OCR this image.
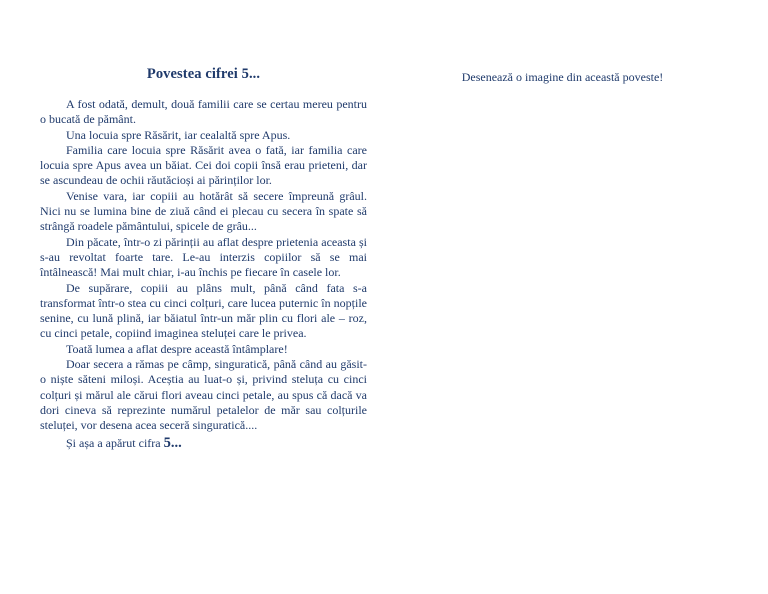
Povestea cifrei 5...

A fost odată, demult, două familii care se certau mereu pentru o bucată de pământ.

Una locuia spre Răsărit, iar cealaltă spre Apus.

Familia care locuia spre Răsărit avea o fată, iar familia care locuia spre Apus avea un băiat. Cei doi copii însă erau prieteni, dar se ascundeau de ochii răutăcioși ai părinților lor.

Venise vara, iar copiii au hotărât să secere împreună grâul. Nici nu se lumina bine de ziuă când ei plecau cu secera în spate să strângă roadele pământului, spicele de grâu...

Din păcate, într-o zi părinții au aflat despre prietenia aceasta și s-au revoltat foarte tare. Le-au interzis copiilor să se mai întâlnească! Mai mult chiar, i-au închis pe fiecare în casele lor.

De supărare, copiii au plâns mult, până când fata s-a transformat într-o stea cu cinci colțuri, care lucea puternic în nopțile senine, cu lună plină, iar băiatul într-un măr plin cu flori ale – roz, cu cinci petale, copiind imaginea steluței care le privea.

Toată lumea a aflat despre această întâmplare!

Doar secera a rămas pe câmp, singuratică, până când au găsit-o niște săteni miloși. Aceștia au luat-o și, privind steluța cu cinci colțuri și mărul ale cărui flori aveau cinci petale, au spus că dacă va dori cineva să reprezinte numărul petalelor de măr sau colțurile steluței, vor desena acea seceră singuratică....

Și așa a apărut cifra 5...

Desenează o imagine din această poveste!
